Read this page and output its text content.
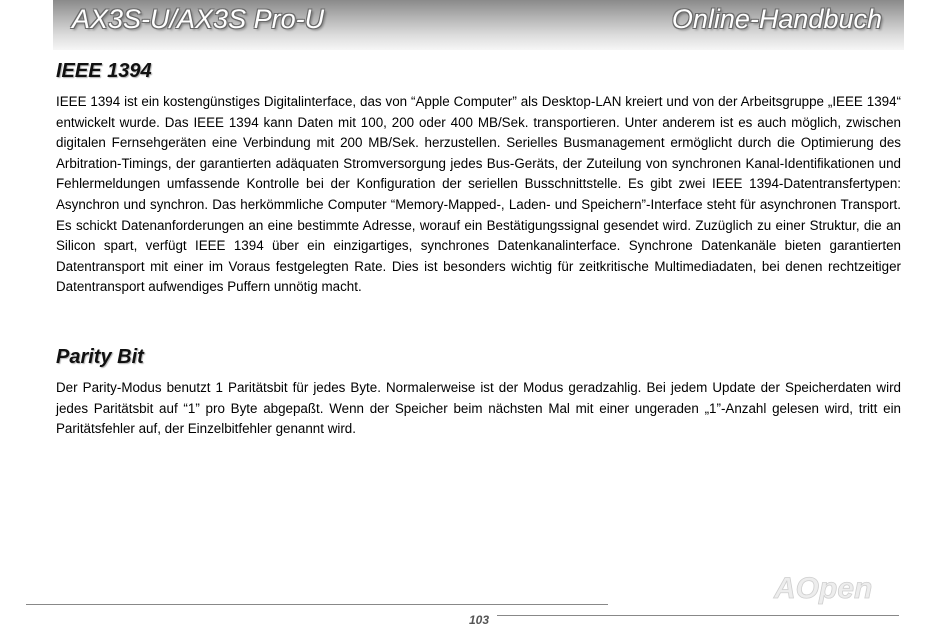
AX3S-U/AX3S Pro-U	Online-Handbuch
IEEE 1394
IEEE 1394 ist ein kostengünstiges Digitalinterface, das von “Apple Computer” als Desktop-LAN kreiert und von der Arbeitsgruppe „IEEE 1394“ entwickelt wurde. Das IEEE 1394 kann Daten mit 100, 200 oder 400 MB/Sek. transportieren. Unter anderem ist es auch möglich, zwischen digitalen Fernsehgeräten eine Verbindung mit 200 MB/Sek. herzustellen. Serielles Busmanagement ermöglicht durch die Optimierung des Arbitration-Timings, der garantierten adäquaten Stromversorgung jedes Bus-Geräts, der Zuteilung von synchronen Kanal-Identifikationen und Fehlermeldungen umfassende Kontrolle bei der Konfiguration der seriellen Busschnittstelle. Es gibt zwei IEEE 1394-Datentransfertypen: Asynchron und synchron. Das herkömmliche Computer “Memory-Mapped-, Laden- und Speichern”-Interface steht für asynchronen Transport. Es schickt Datenanforderungen an eine bestimmte Adresse, worauf ein Bestätigungssignal gesendet wird. Zuzüglich zu einer Struktur, die an Silicon spart, verfügt IEEE 1394 über ein einzigartiges, synchrones Datenkanalinterface. Synchrone Datenkanäle bieten garantierten Datentransport mit einer im Voraus festgelegten Rate. Dies ist besonders wichtig für zeitkritische Multimediadaten, bei denen rechtzeitiger Datentransport aufwendiges Puffern unnötig macht.
Parity Bit
Der Parity-Modus benutzt 1 Paritätsbit für jedes Byte. Normalerweise ist der Modus geradzahlig. Bei jedem Update der Speicherdaten wird jedes Paritätsbit auf “1” pro Byte abgepaßt. Wenn der Speicher beim nächsten Mal mit einer ungeraden „1”-Anzahl gelesen wird, tritt ein Paritätsfehler auf, der Einzelbitfehler genannt wird.
AOpen
103
